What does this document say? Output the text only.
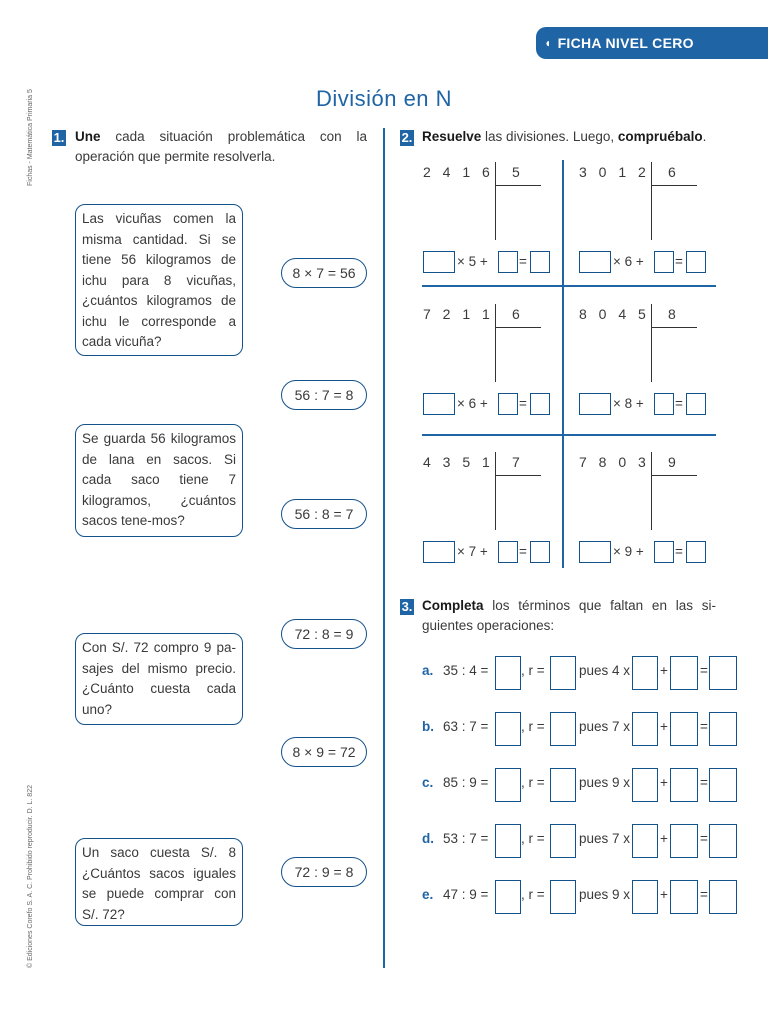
◖ FICHA NIVEL CERO
Fichas - Matemática Primaria 5
© Ediciones Corefo S. A. C. Prohibido reproducir. D. L. 822
División en N
1. Une cada situación problemática con la operación que permite resolverla.
Las vicuñas comen la misma cantidad. Si se tiene 56 kilogramos de ichu para 8 vicuñas, ¿cuántos kilogramos de ichu le corresponde a cada vicuña?
Se guarda 56 kilogramos de lana en sacos. Si cada saco tiene 7 kilogramos, ¿cuántos sacos tene-mos?
Con S/. 72 compro 9 pa-sajes del mismo precio. ¿Cuánto cuesta cada uno?
Un saco cuesta S/. 8 ¿Cuántos sacos iguales se puede comprar con S/. 72?
8 × 7 = 56
56 : 7 = 8
56 : 8 = 7
72 : 8 = 9
8 × 9 = 72
72 : 9 = 8
2. Resuelve las divisiones. Luego, compruébalo.
2 4 1 6 5
× 5 + =
3 0 1 2 6
× 6 + =
7 2 1 1 6
× 6 + =
8 0 4 5 8
× 8 + =
4 3 5 1 7
× 7 + =
7 8 0 3 9
× 9 + =
3. Completa los términos que faltan en las si-guientes operaciones:
a. 35 : 4 = , r =	pues 4 x + =
b. 63 : 7 = , r =	pues 7 x + =
c. 85 : 9 = , r =	pues 9 x + =
d. 53 : 7 = , r =	pues 7 x + =
e. 47 : 9 = , r =	pues 9 x + =
